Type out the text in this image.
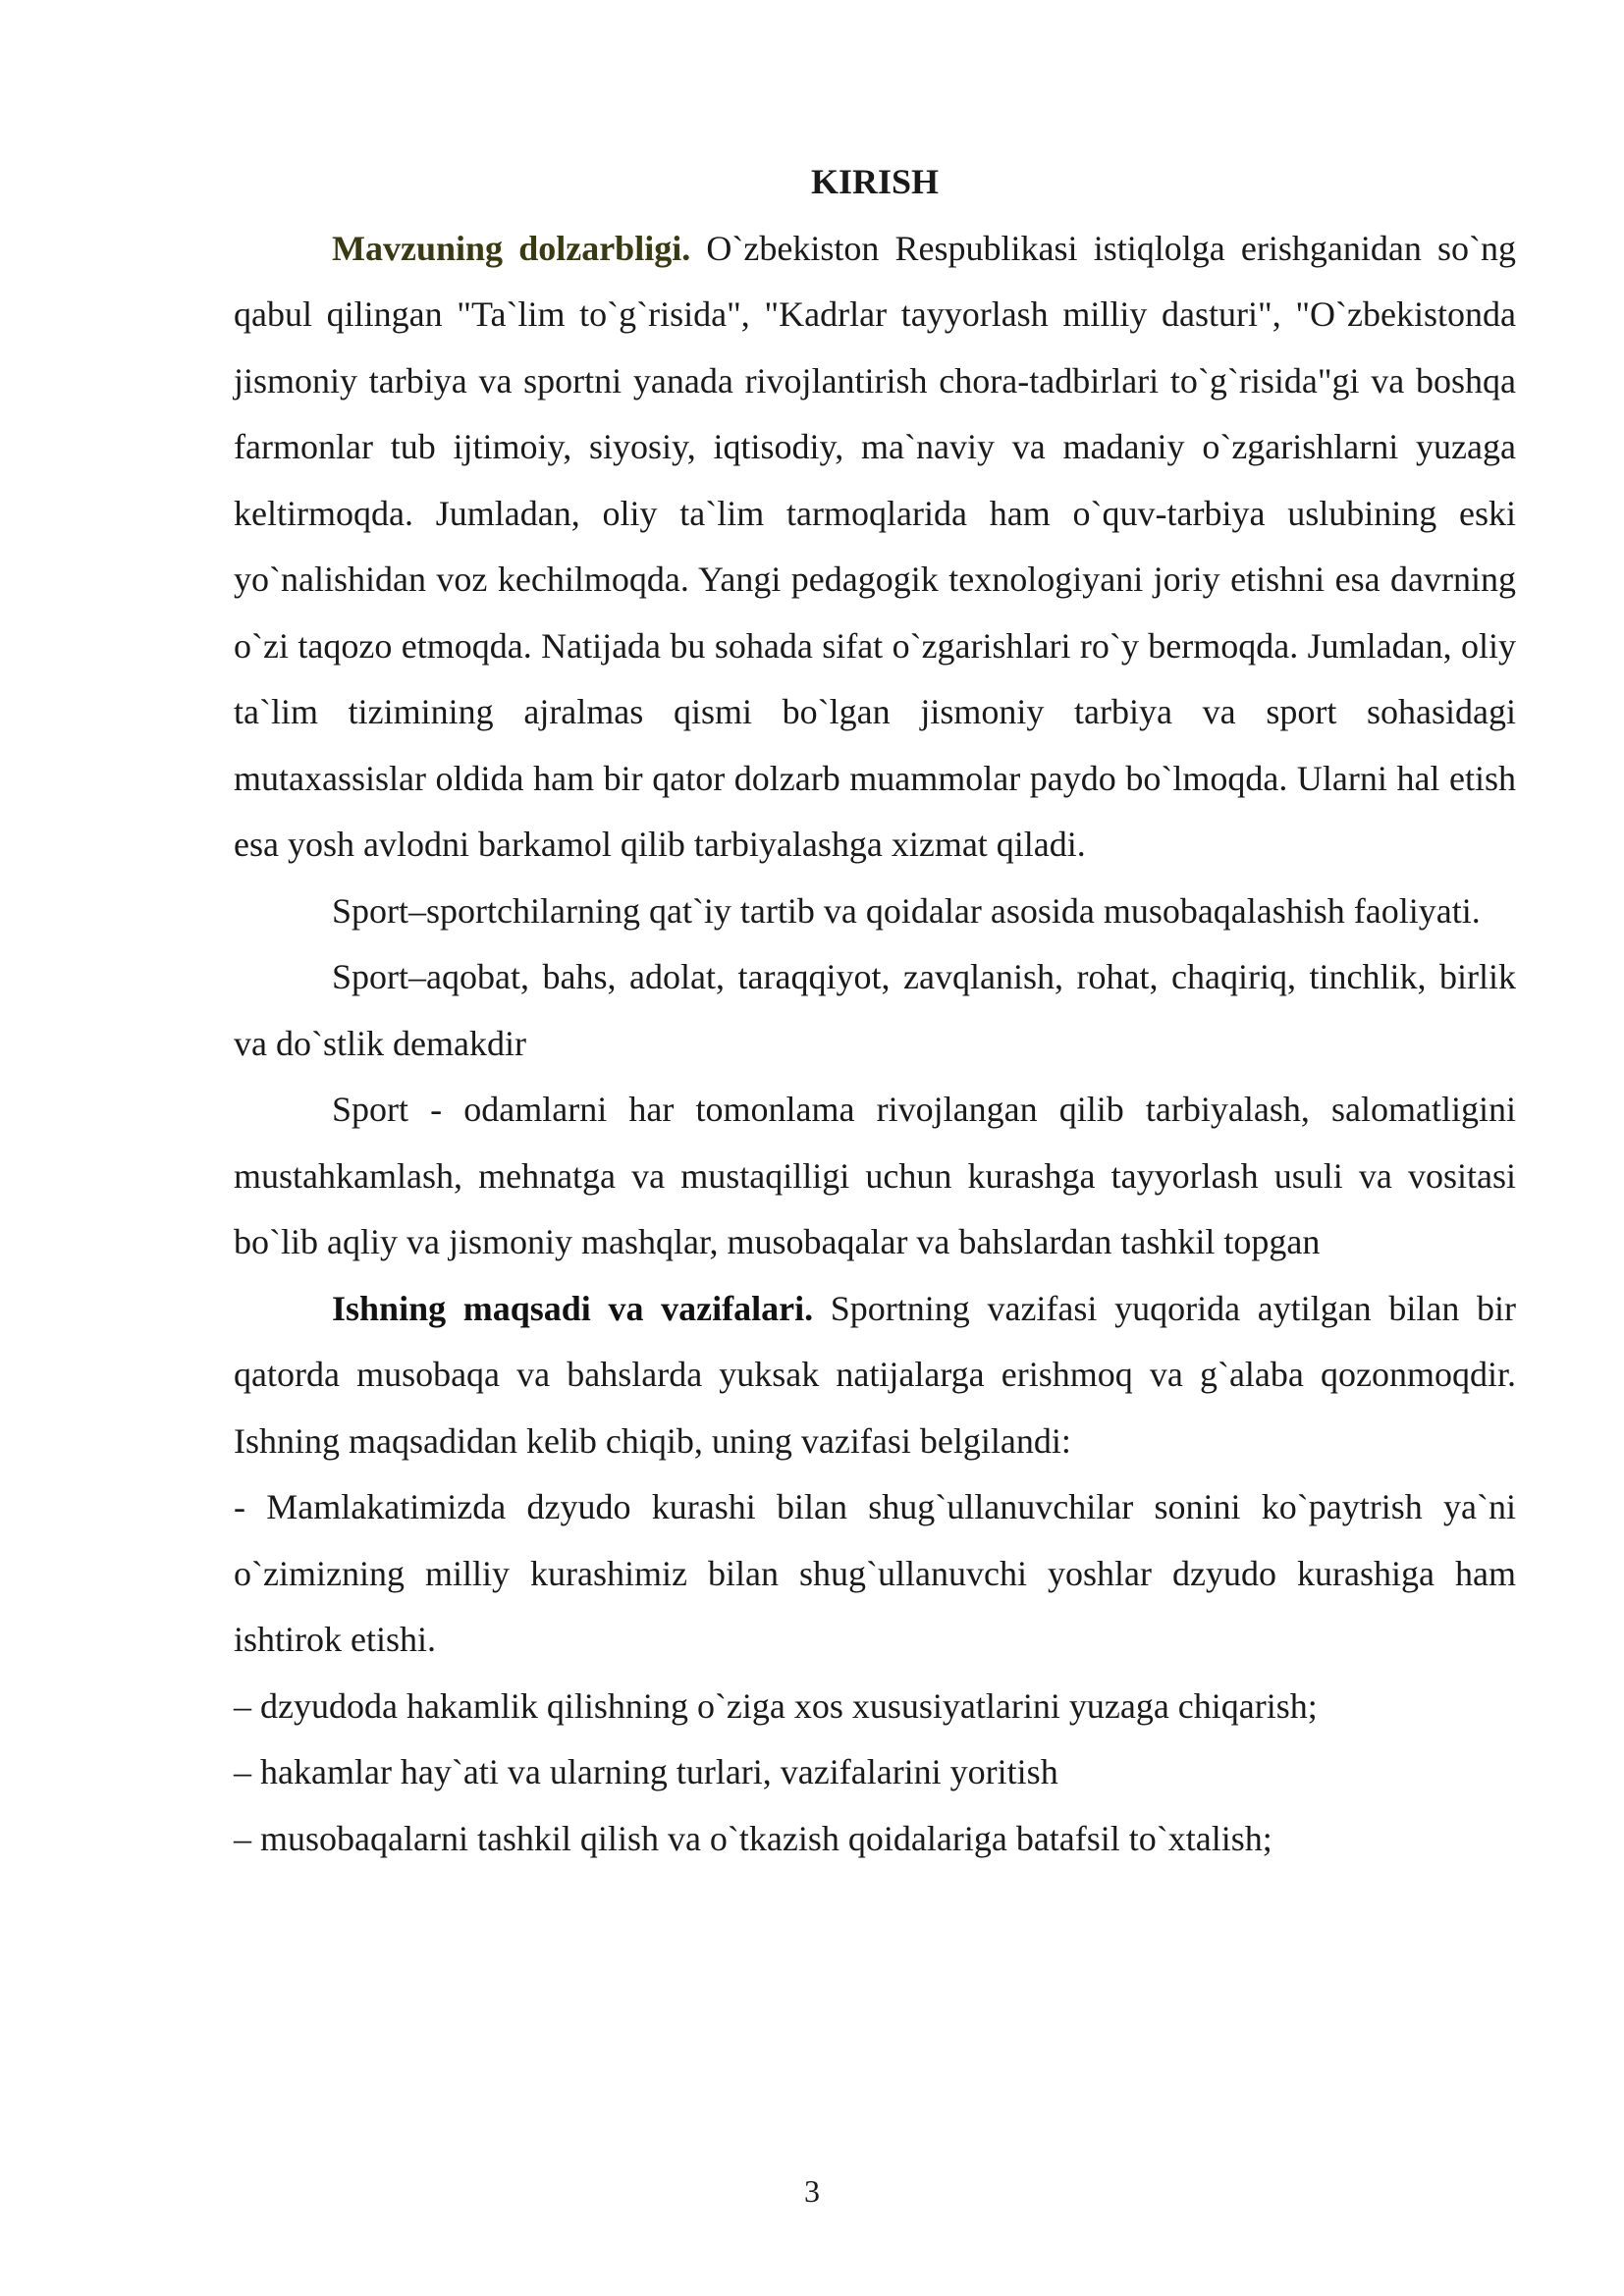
KIRISH

Mavzuning dolzarbligi. O`zbekiston Respublikasi istiqlolga erishganidan so`ng qabul qilingan "Ta`lim to`g`risida", "Kadrlar tayyorlash milliy dasturi", "O`zbekistonda jismoniy tarbiya va sportni yanada rivojlantirish chora-tadbirlari to`g`risida"gi va boshqa farmonlar tub ijtimoiy, siyosiy, iqtisodiy, ma`naviy va madaniy o`zgarishlarni yuzaga keltirmoqda. Jumladan, oliy ta`lim tarmoqlarida ham o`quv-tarbiya uslubining eski yo`nalishidan voz kechilmoqda. Yangi pedagogik texnologiyani joriy etishni esa davrning o`zi taqozo etmoqda. Natijada bu sohada sifat o`zgarishlari ro`y bermoqda. Jumladan, oliy ta`lim tizimining ajralmas qismi bo`lgan jismoniy tarbiya va sport sohasidagi mutaxassislar oldida ham bir qator dolzarb muammolar paydo bo`lmoqda. Ularni hal etish esa yosh avlodni barkamol qilib tarbiyalashga xizmat qiladi.

Sport–sportchilarning qat`iy tartib va qoidalar asosida musobaqalashish faoliyati.

Sport–aqobat, bahs, adolat, taraqqiyot, zavqlanish, rohat, chaqiriq, tinchlik, birlik va do`stlik demakdir

Sport - odamlarni har tomonlama rivojlangan qilib tarbiyalash, salomatligini mustahkamlash, mehnatga va mustaqilligi uchun kurashga tayyorlash usuli va vositasi bo`lib aqliy va jismoniy mashqlar, musobaqalar va bahslardan tashkil topgan

Ishning maqsadi va vazifalari. Sportning vazifasi yuqorida aytilgan bilan bir qatorda musobaqa va bahslarda yuksak natijalarga erishmoq va g`alaba qozonmoqdir. Ishning maqsadidan kelib chiqib, uning vazifasi belgilandi:

- Mamlakatimizda dzyudo kurashi bilan shug`ullanuvchilar sonini ko`paytrish ya`ni o`zimizning milliy kurashimiz bilan shug`ullanuvchi yoshlar dzyudo kurashiga ham ishtirok etishi.

– dzyudoda hakamlik qilishning o`ziga xos xususiyatlarini yuzaga chiqarish;

– hakamlar hay`ati va ularning turlari, vazifalarini yoritish

– musobaqalarni tashkil qilish va o`tkazish qoidalariga batafsil to`xtalish;

3
